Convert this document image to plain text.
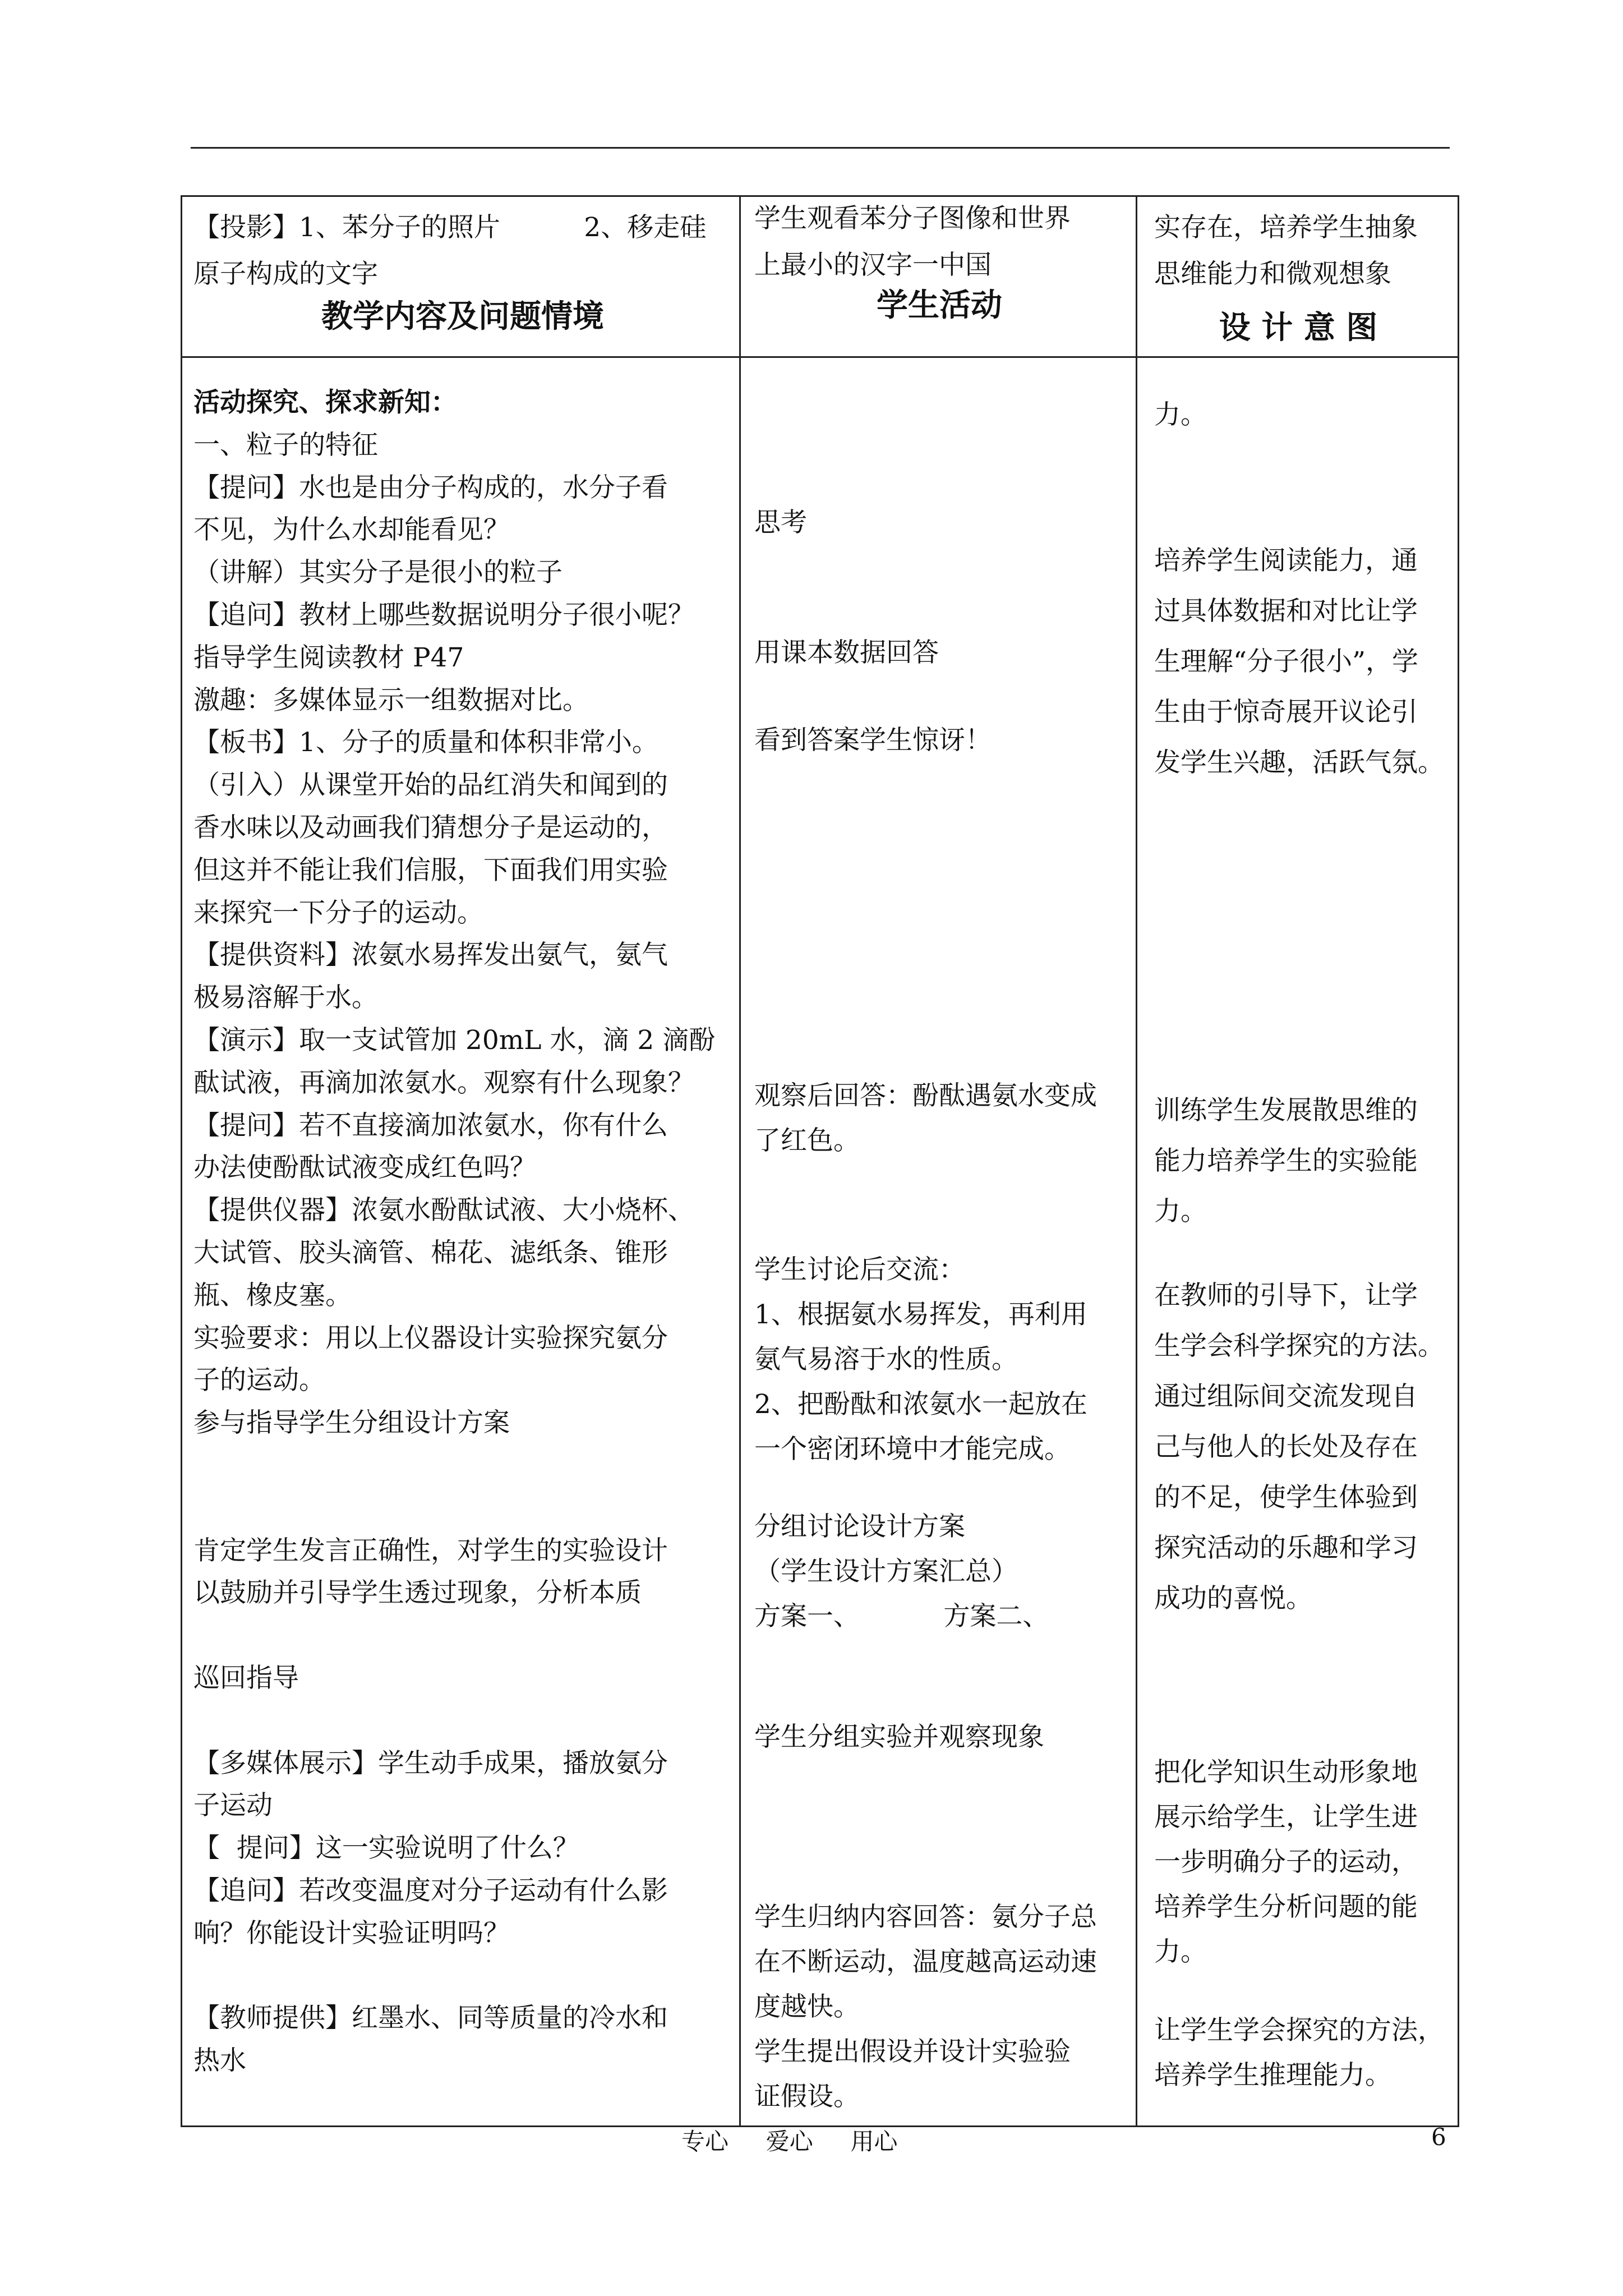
【投影】1、苯分子的照片          2、移走硅
原子构成的文字
教学内容及问题情境
学生观看苯分子图像和世界
上最小的汉字一中国
学生活动
实存在，培养学生抽象
思维能力和微观想象
设 计 意 图
活动探究、探求新知：
一、粒子的特征
【提问】水也是由分子构成的，水分子看
不见，为什么水却能看见？
（讲解）其实分子是很小的粒子
【追问】教材上哪些数据说明分子很小呢？
指导学生阅读教材 P47
激趣：多媒体显示一组数据对比。
【板书】1、分子的质量和体积非常小。
（引入）从课堂开始的品红消失和闻到的
香水味以及动画我们猜想分子是运动的，
但这并不能让我们信服，下面我们用实验
来探究一下分子的运动。
【提供资料】浓氨水易挥发出氨气，氨气
极易溶解于水。
【演示】取一支试管加 20mL 水，滴 2 滴酚
酞试液，再滴加浓氨水。观察有什么现象？
【提问】若不直接滴加浓氨水，你有什么
办法使酚酞试液变成红色吗？
【提供仪器】浓氨水酚酞试液、大小烧杯、
大试管、胶头滴管、棉花、滤纸条、锥形
瓶、橡皮塞。
实验要求：用以上仪器设计实验探究氨分
子的运动。
参与指导学生分组设计方案

肯定学生发言正确性，对学生的实验设计
以鼓励并引导学生透过现象，分析本质

巡回指导

【多媒体展示】学生动手成果，播放氨分
子运动
【  提问】这一实验说明了什么？
【追问】若改变温度对分子运动有什么影
响？你能设计实验证明吗？

【教师提供】红墨水、同等质量的冷水和
热水
思考
用课本数据回答
看到答案学生惊讶！
观察后回答：酚酞遇氨水变成
了红色。
学生讨论后交流：
1、根据氨水易挥发，再利用
氨气易溶于水的性质。
2、把酚酞和浓氨水一起放在
一个密闭环境中才能完成。
分组讨论设计方案
（学生设计方案汇总）
方案一、          方案二、
学生分组实验并观察现象
学生归纳内容回答：氨分子总
在不断运动，温度越高运动速
度越快。
学生提出假设并设计实验验
证假设。
力。
培养学生阅读能力，通
过具体数据和对比让学
生理解“分子很小”，学
生由于惊奇展开议论引
发学生兴趣，活跃气氛。
训练学生发展散思维的
能力培养学生的实验能
力。
在教师的引导下，让学
生学会科学探究的方法。
通过组际间交流发现自
己与他人的长处及存在
的不足，使学生体验到
探究活动的乐趣和学习
成功的喜悦。
把化学知识生动形象地
展示给学生，让学生进
一步明确分子的运动，
培养学生分析问题的能
力。
让学生学会探究的方法，
培养学生推理能力。
专心     爱心     用心	6
